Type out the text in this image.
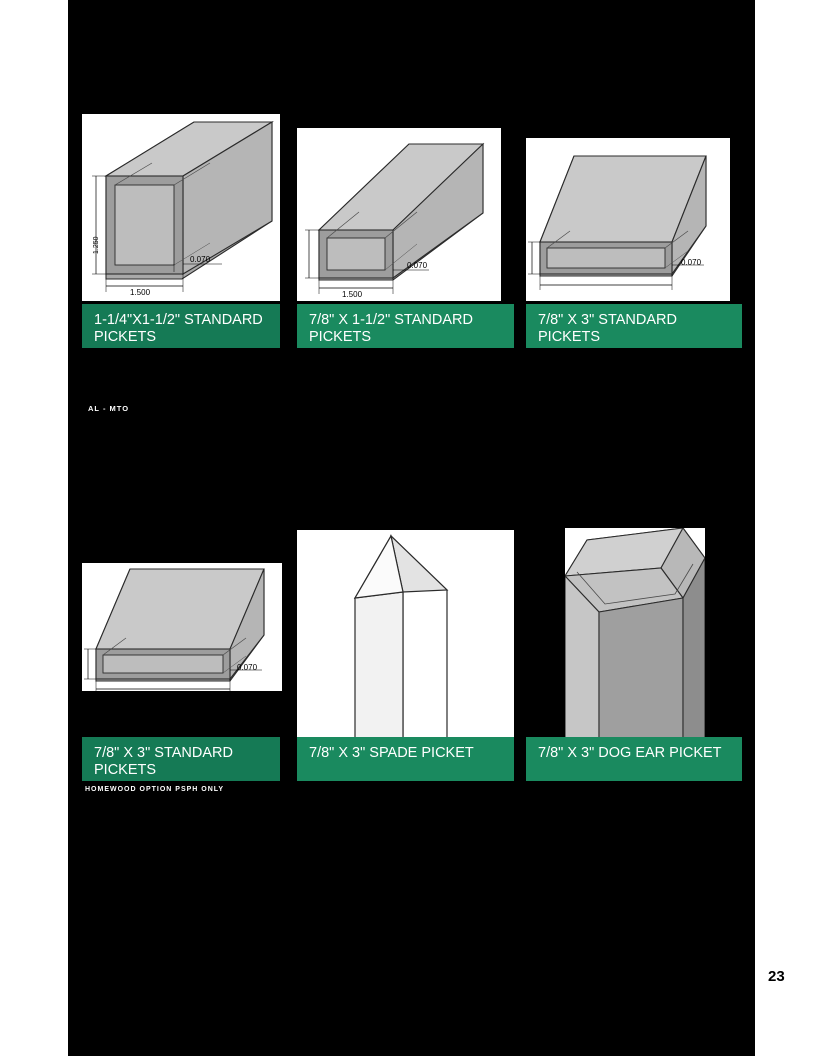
HOMELAND PROFILES
23
1.250
1.500
0.070
1-1/4"X1-1/2" STANDARD PICKETS
1.500
0.070
7/8" X 1-1/2" STANDARD PICKETS
0.070
7/8" X 3" STANDARD PICKETS
AL - MTO
0.070
7/8" X 3" STANDARD PICKETS
7/8" X 3" SPADE PICKET	7/8" X 3" DOG EAR PICKET
HOMEWOOD OPTION PSPH ONLY
